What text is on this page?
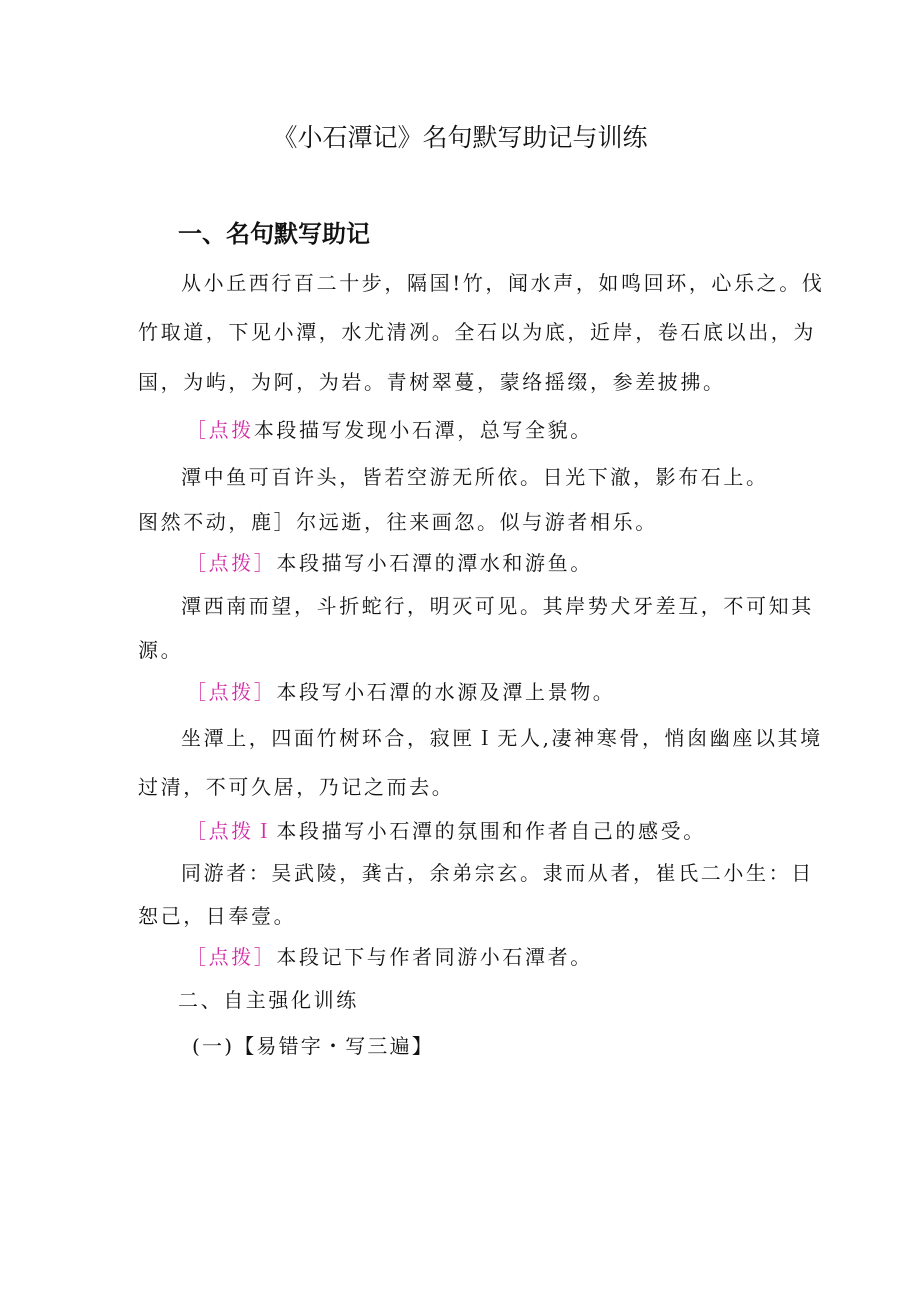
《小石潭记》名句默写助记与训练
一、名句默写助记
从小丘西行百二十步，隔国!竹，闻水声，如鸣回环，心乐之。伐
竹取道，下见小潭，水尤清冽。全石以为底，近岸，卷石底以出，为
国，为屿，为阿，为岩。青树翠蔓，蒙络摇缀，参差披拂。
［点拨本段描写发现小石潭，总写全貌。
潭中鱼可百许头，皆若空游无所依。日光下澈，影布石上。
图然不动，鹿］尔远逝，往来画忽。似与游者相乐。
［点拨］本段描写小石潭的潭水和游鱼。
潭西南而望，斗折蛇行，明灭可见。其岸势犬牙差互，不可知其
源。
［点拨］本段写小石潭的水源及潭上景物。
坐潭上，四面竹树环合，寂匣Ｉ无人,凄神寒骨，悄囱幽座以其境
过清，不可久居，乃记之而去。
［点拨Ｉ本段描写小石潭的氛围和作者自己的感受。
同游者：吴武陵，龚古，余弟宗玄。隶而从者，崔氏二小生：日
恕己，日奉壹。
［点拨］本段记下与作者同游小石潭者。
二、自主强化训练
(一)【易错字・写三遍】
